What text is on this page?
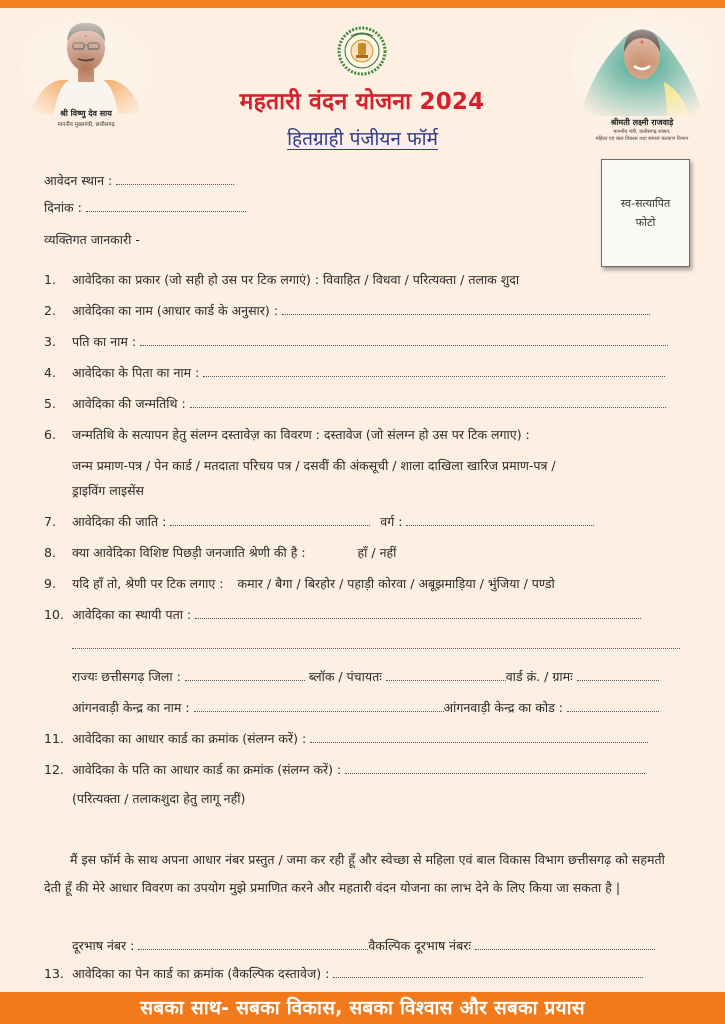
श्री विष्णु देव साय
माननीय मुख्यमंत्री, छत्तीसगढ़
महतारी वंदन योजना 2024
हितग्राही पंजीयन फॉर्म
श्रीमती लक्ष्मी राजवाड़े
माननीय मंत्री, छत्तीसगढ़ शासन,
महिला एवं बाल विकास तथा समाज कल्याण विभाग
स्व-सत्यापित
फोटो
आवेदन स्थान :
दिनांक :
व्यक्तिगत जानकारी -
1. आवेदिका का प्रकार (जो सही हो उस पर टिक लगाएं) : विवाहित / विधवा / परित्यक्ता / तलाक शुदा
2. आवेदिका का नाम (आधार कार्ड के अनुसार) :
3. पति का नाम :
4. आवेदिका के पिता का नाम :
5. आवेदिका की जन्मतिथि :
6. जन्मतिथि के सत्यापन हेतु संलग्न दस्तावेज़ का विवरण : दस्तावेज (जो संलग्न हो उस पर टिक लगाए) :
जन्म प्रमाण-पत्र / पेन कार्ड / मतदाता परिचय पत्र / दसवीं की अंकसूची / शाला दाखिला खारिज प्रमाण-पत्र /
ड्राइविंग लाइसेंस
7. आवेदिका की जाति :	वर्ग :
8. क्या आवेदिका विशिष्ट पिछड़ी जनजाति श्रेणी की है :	हॉं / नहीं
9. यदि हाँ तो, श्रेणी पर टिक लगाए : कमार / बैगा / बिरहोर / पहाड़ी कोरवा / अबूझमाड़िया / भुंजिया / पण्डो
10. आवेदिका का स्थायी पता :
राज्यः छत्तीसगढ़ जिला :	ब्लॉक / पंचायतः	वार्ड क्रं. / ग्रामः
आंगनवाड़ी केन्द्र का नाम :	आंगनवाड़ी केन्द्र का कोड :
11. आवेदिका का आधार कार्ड का क्रमांक (संलग्न करें) :
12. आवेदिका के पति का आधार कार्ड का क्रमांक (संलग्न करें) :
(परित्यक्ता / तलाकशुदा हेतु लागू नहीं)
मैं इस फॉर्म के साथ अपना आधार नंबर प्रस्तुत / जमा कर रही हूँ और स्वेच्छा से महिला एवं बाल विकास विभाग छत्तीसगढ़ को सहमती देती हूँ की मेरे आधार विवरण का उपयोग मुझे प्रमाणित करने और महतारी वंदन योजना का लाभ देने के लिए किया जा सकता है |
दूरभाष नंबर :	वैकल्पिक दूरभाष नंबरः
13. आवेदिका का पेन कार्ड का क्रमांक (वैकल्पिक दस्तावेज) :
सबका साथ- सबका विकास, सबका विश्वास और सबका प्रयास
